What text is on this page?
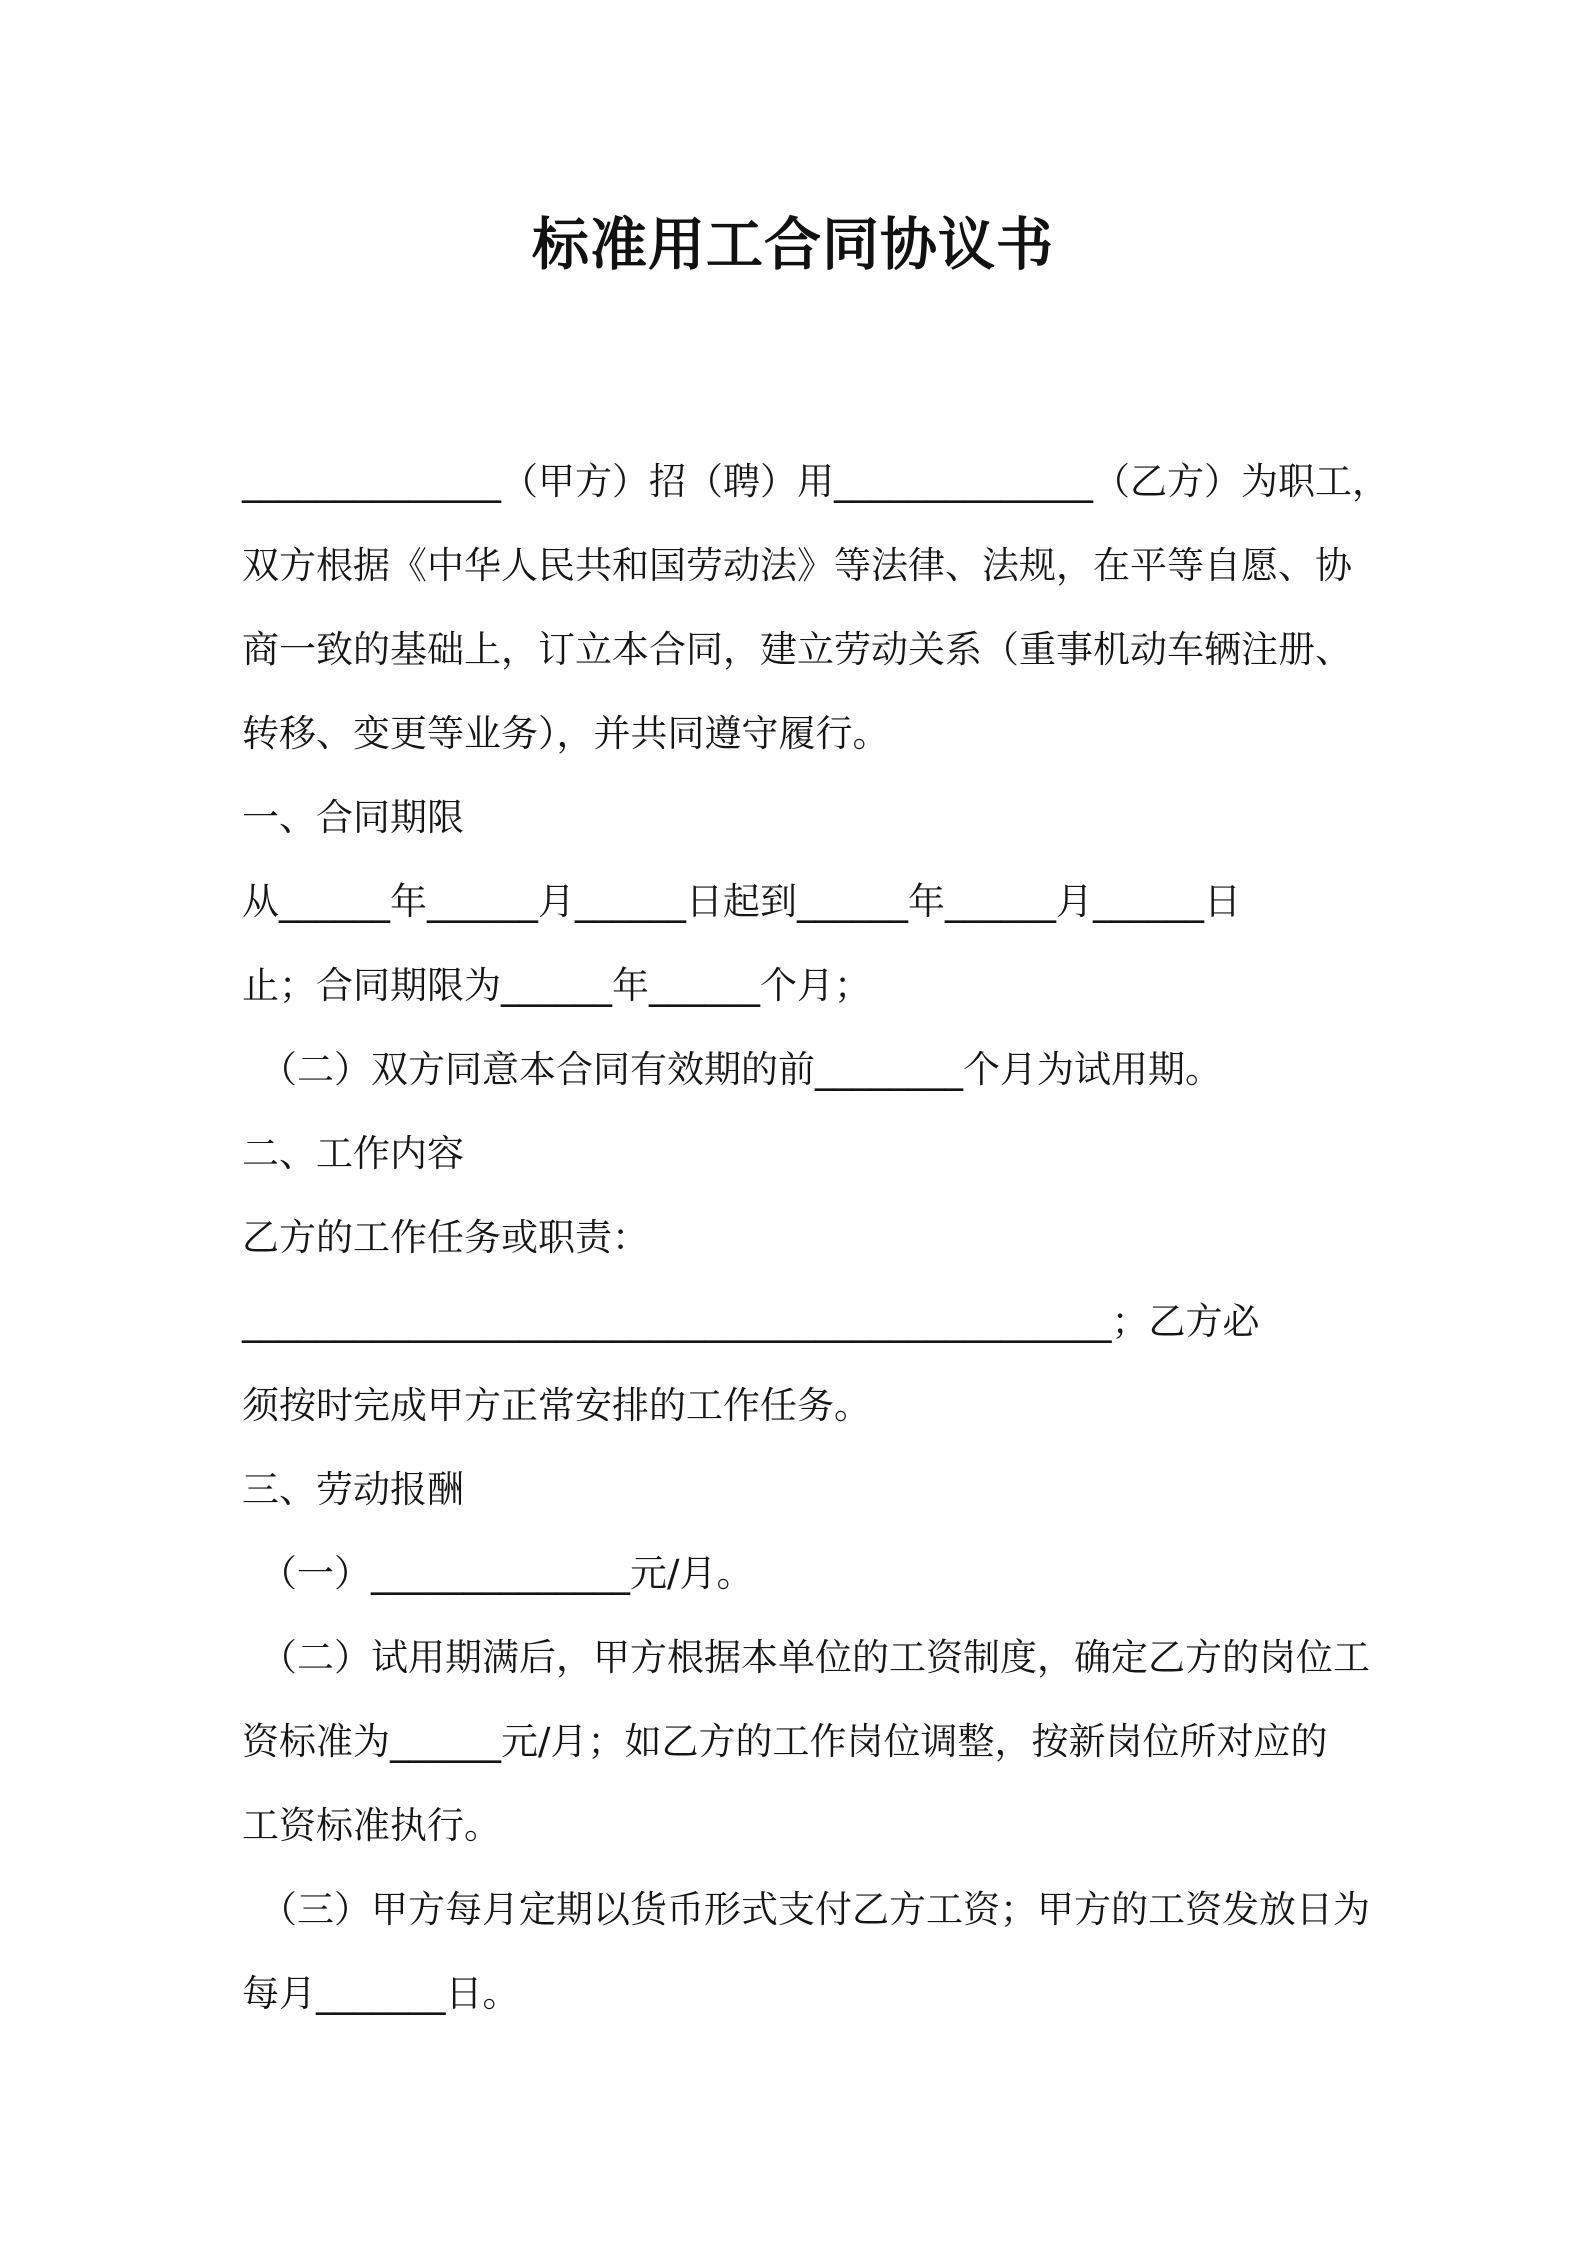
标准用工合同协议书
______________（甲方）招（聘）用______________（乙方）为职工，
双方根据《中华人民共和国劳动法》等法律、法规，在平等自愿、协
商一致的基础上，订立本合同，建立劳动关系（重事机动车辆注册、
转移、变更等业务），并共同遵守履行。
一、合同期限
从______年______月______日起到______年______月______日
止；合同期限为______年______个月；
（二）双方同意本合同有效期的前________个月为试用期。
二、工作内容
乙方的工作任务或职责：
_______________________________________________；乙方必
须按时完成甲方正常安排的工作任务。
三、劳动报酬
（一）______________元/月。
（二）试用期满后，甲方根据本单位的工资制度，确定乙方的岗位工
资标准为______元/月；如乙方的工作岗位调整，按新岗位所对应的
工资标准执行。
（三）甲方每月定期以货币形式支付乙方工资；甲方的工资发放日为
每月_______日。
